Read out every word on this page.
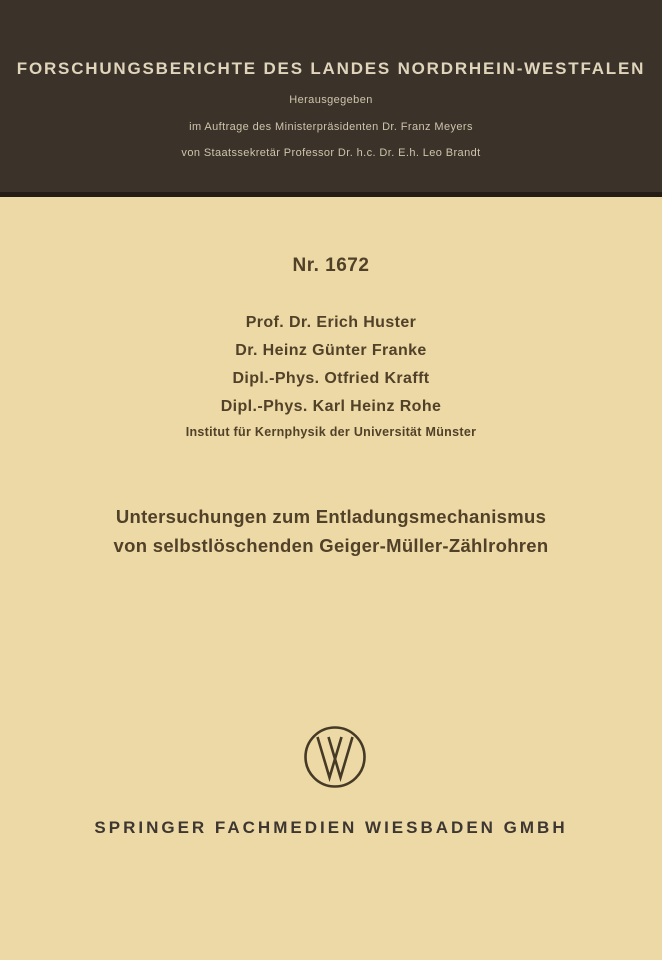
FORSCHUNGSBERICHTE DES LANDES NORDRHEIN-WESTFALEN
Herausgegeben
im Auftrage des Ministerpräsidenten Dr. Franz Meyers
von Staatssekretär Professor Dr. h.c. Dr. E.h. Leo Brandt
Nr. 1672
Prof. Dr. Erich Huster
Dr. Heinz Günter Franke
Dipl.-Phys. Otfried Krafft
Dipl.-Phys. Karl Heinz Rohe
Institut für Kernphysik der Universität Münster
Untersuchungen zum Entladungsmechanismus
von selbstlöschenden Geiger-Müller-Zählrohren
SPRINGER FACHMEDIEN WIESBADEN GMBH
